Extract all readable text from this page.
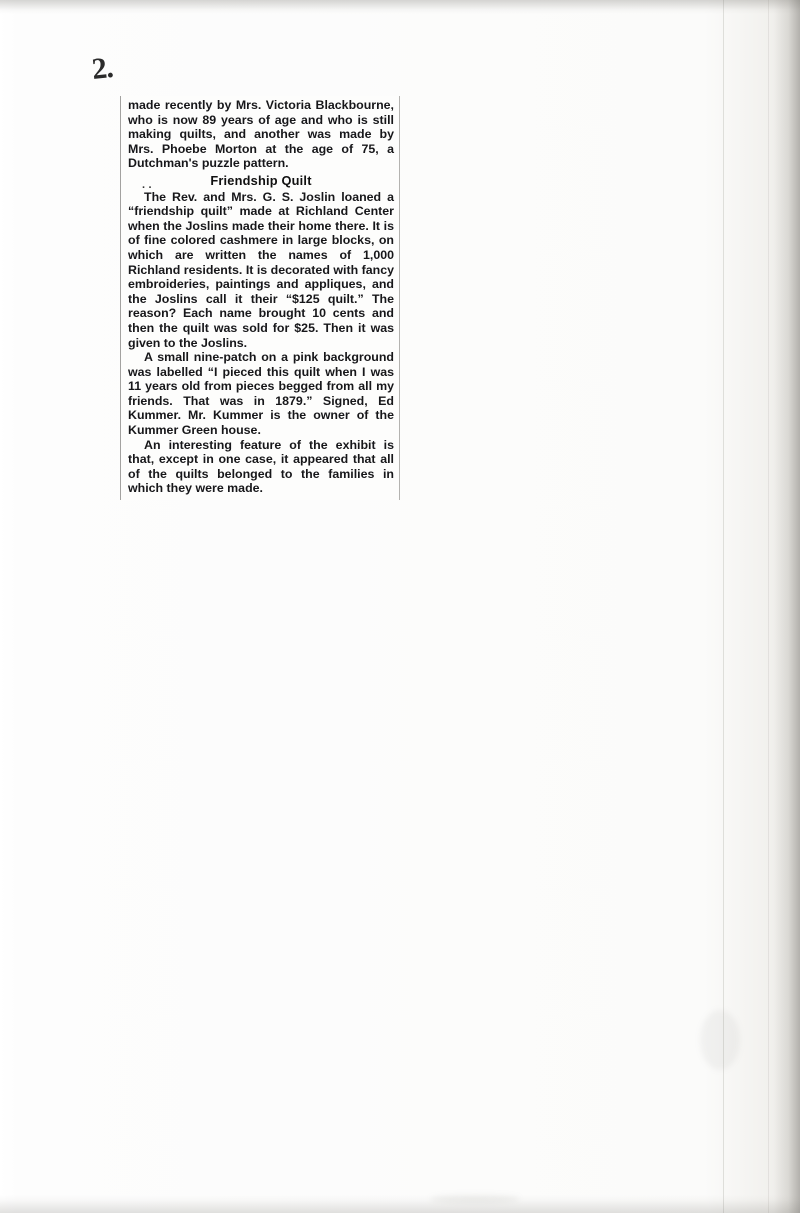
2.

made recently by Mrs. Victoria Blackbourne, who is now 89 years of age and who is still making quilts, and another was made by Mrs. Phoebe Morton at the age of 75, a Dutchman's puzzle pattern.

. .	Friendship Quilt

The Rev. and Mrs. G. S. Joslin loaned a “friendship quilt” made at Richland Center when the Joslins made their home there. It is of fine colored cashmere in large blocks, on which are written the names of 1,000 Richland residents. It is decorated with fancy embroideries, paintings and appliques, and the Joslins call it their “$125 quilt.” The reason? Each name brought 10 cents and then the quilt was sold for $25. Then it was given to the Joslins.

A small nine-patch on a pink background was labelled “I pieced this quilt when I was 11 years old from pieces begged from all my friends. That was in 1879.” Signed, Ed Kummer. Mr. Kummer is the owner of the Kummer Green house.

An interesting feature of the exhibit is that, except in one case, it appeared that all of the quilts belonged to the families in which they were made.
